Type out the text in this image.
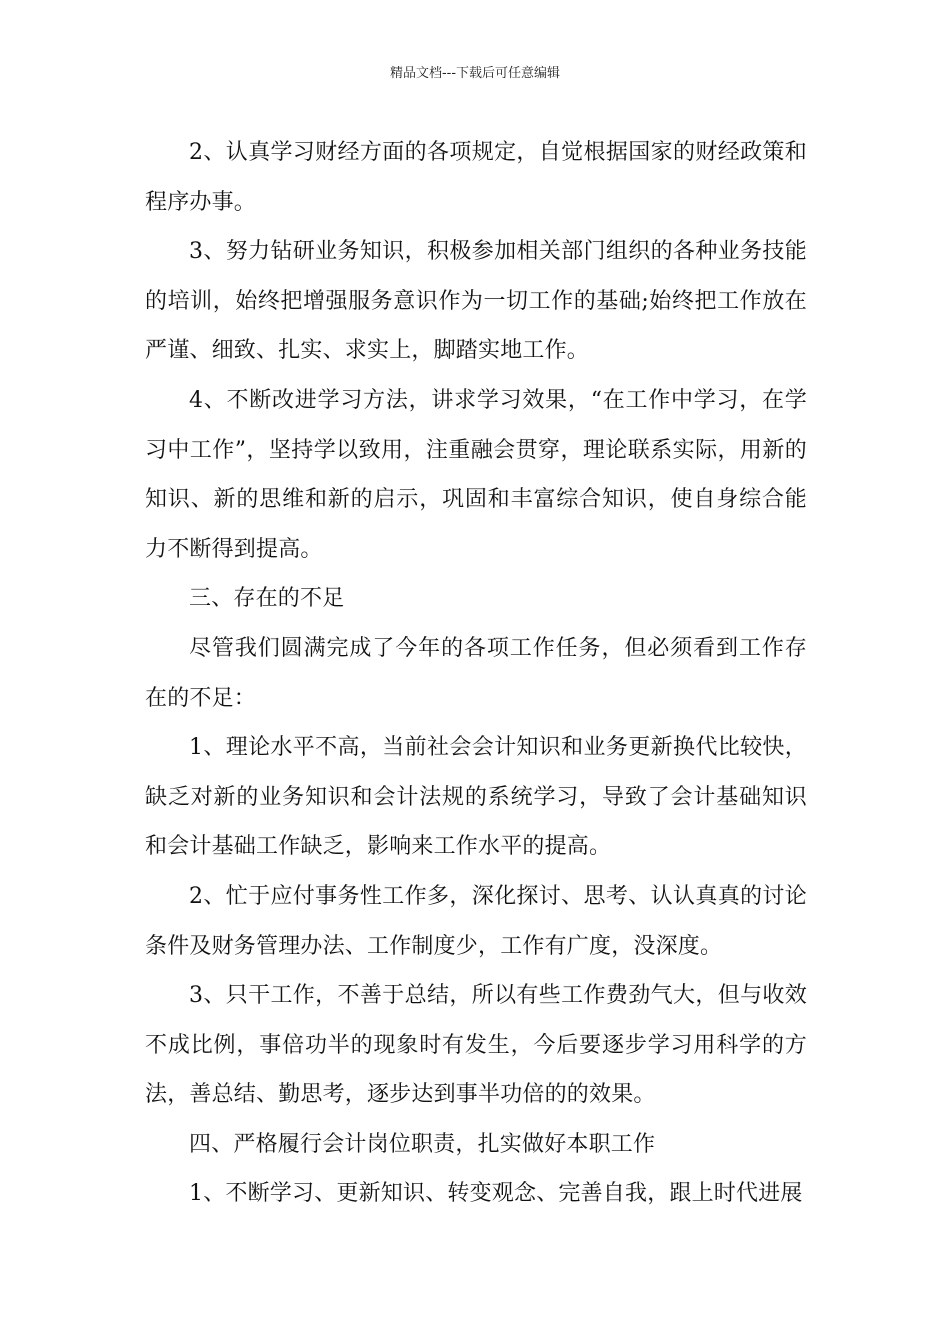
精品文档---下载后可任意编辑

2、认真学习财经方面的各项规定，自觉根据国家的财经政策和程序办事。

3、努力钻研业务知识，积极参加相关部门组织的各种业务技能的培训，始终把增强服务意识作为一切工作的基础;始终把工作放在严谨、细致、扎实、求实上，脚踏实地工作。

4、不断改进学习方法，讲求学习效果，“在工作中学习，在学习中工作”，坚持学以致用，注重融会贯穿，理论联系实际，用新的知识、新的思维和新的启示，巩固和丰富综合知识，使自身综合能力不断得到提高。

三、存在的不足

尽管我们圆满完成了今年的各项工作任务，但必须看到工作存在的不足：

1、理论水平不高，当前社会会计知识和业务更新换代比较快，缺乏对新的业务知识和会计法规的系统学习，导致了会计基础知识和会计基础工作缺乏，影响来工作水平的提高。

2、忙于应付事务性工作多，深化探讨、思考、认认真真的讨论条件及财务管理办法、工作制度少，工作有广度，没深度。

3、只干工作，不善于总结，所以有些工作费劲气大，但与收效不成比例，事倍功半的现象时有发生，今后要逐步学习用科学的方法，善总结、勤思考，逐步达到事半功倍的的效果。

四、严格履行会计岗位职责，扎实做好本职工作

1、不断学习、更新知识、转变观念、完善自我，跟上时代进展
